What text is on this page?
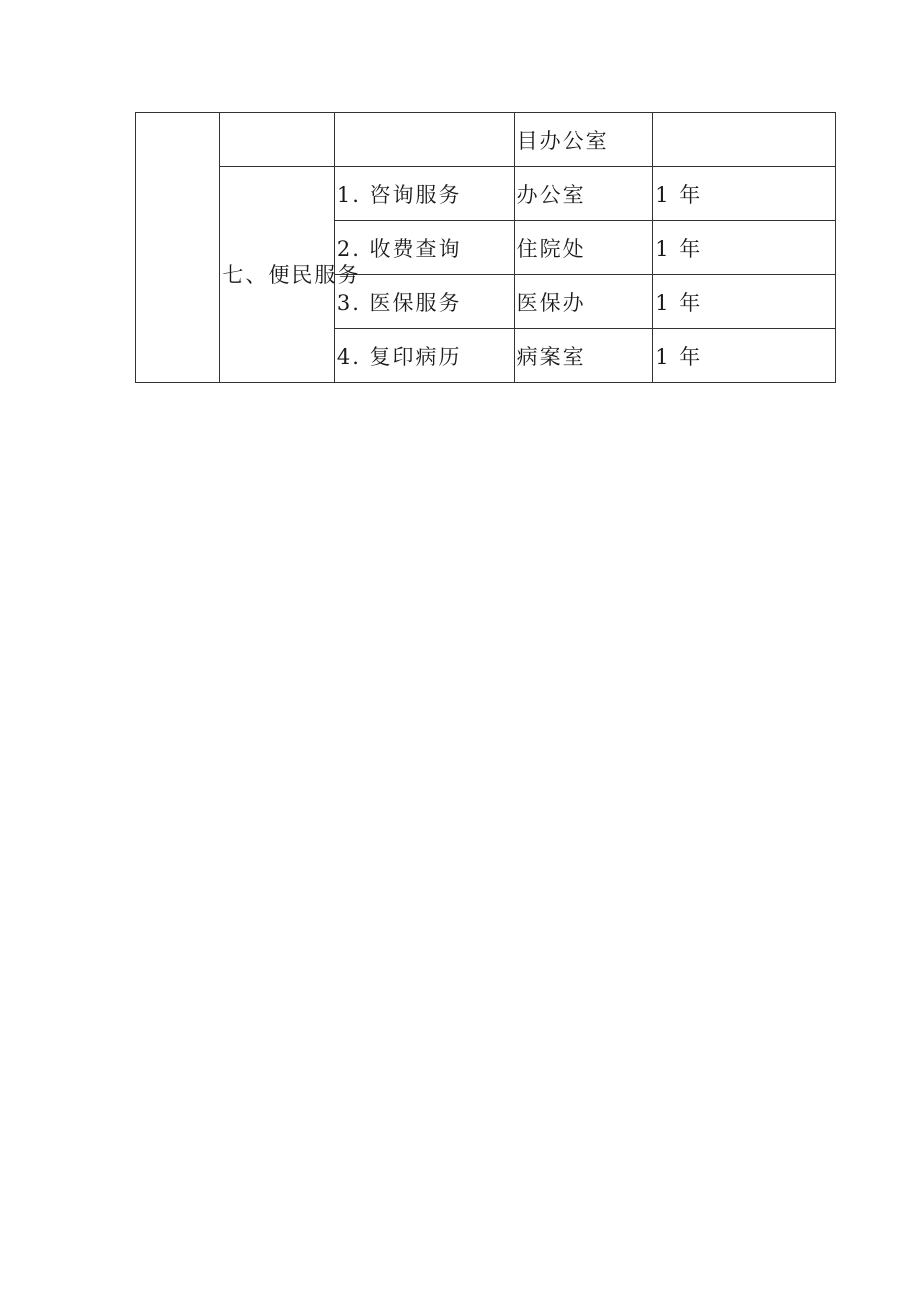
			目办公室	
	七、便民服务	1. 咨询服务	办公室	1 年
		2. 收费查询	住院处	1 年
		3. 医保服务	医保办	1 年
		4. 复印病历	病案室	1 年
